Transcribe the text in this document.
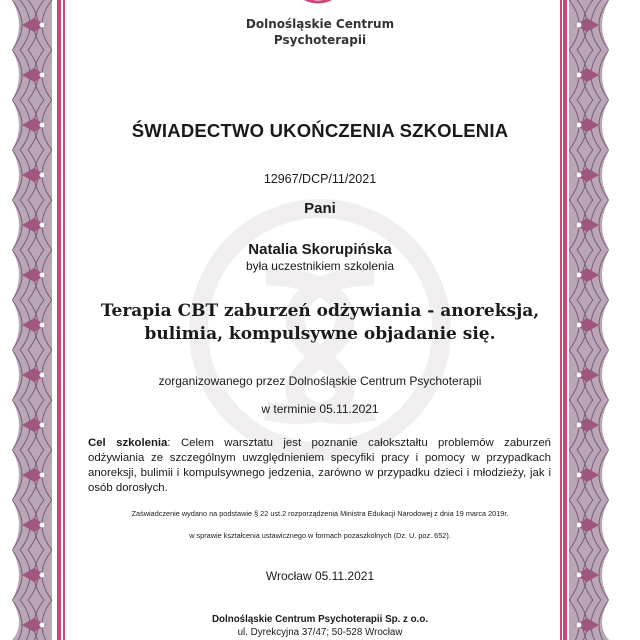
Dolnośląskie Centrum
Psychoterapii
ŚWIADECTWO UKOŃCZENIA SZKOLENIA
12967/DCP/11/2021
Pani
Natalia Skorupińska
była uczestnikiem szkolenia
Terapia CBT zaburzeń odżywiania - anoreksja,
bulimia, kompulsywne objadanie się.
zorganizowanego przez Dolnośląskie Centrum Psychoterapii
w terminie 05.11.2021
Cel szkolenia: Celem warsztatu jest poznanie całokształtu problemów zaburzeń odżywiania ze szczególnym uwzględnieniem specyfiki pracy i pomocy w przypadkach anoreksji, bulimii i kompulsywnego jedzenia, zarówno w przypadku dzieci i młodzieży, jak i osób dorosłych.
Zaświadczenie wydano na podstawie § 22 ust.2 rozporządzenia Ministra Edukacji Narodowej z dnia 19 marca 2019r.
w sprawie kształcenia ustawicznego w formach pozaszkolnych (Dz. U. poz. 652).
Wrocław 05.11.2021
Dolnośląskie Centrum Psychoterapii Sp. z o.o.
ul. Dyrekcyjna 37/47; 50-528 Wrocław
